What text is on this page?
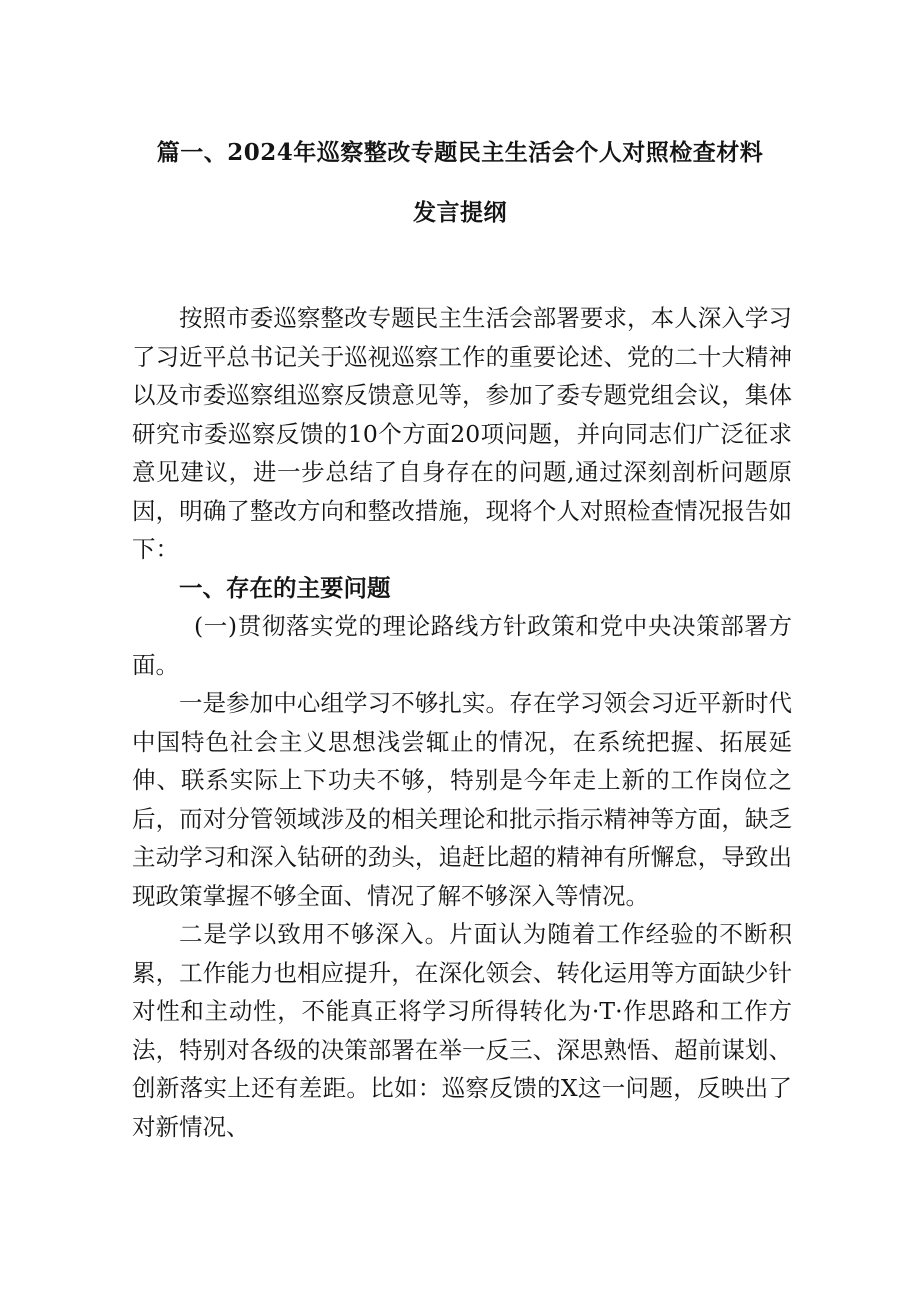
篇一、2024年巡察整改专题民主生活会个人对照检查材料
发言提纲

按照市委巡察整改专题民主生活会部署要求，本人深入学习了习近平总书记关于巡视巡察工作的重要论述、党的二十大精神以及市委巡察组巡察反馈意见等，参加了委专题党组会议，集体研究市委巡察反馈的10个方面20项问题，并向同志们广泛征求意见建议，进一步总结了自身存在的问题,通过深刻剖析问题原因，明确了整改方向和整改措施，现将个人对照检查情况报告如下：

一、存在的主要问题

(一)贯彻落实党的理论路线方针政策和党中央决策部署方面。

一是参加中心组学习不够扎实。存在学习领会习近平新时代中国特色社会主义思想浅尝辄止的情况，在系统把握、拓展延伸、联系实际上下功夫不够，特别是今年走上新的工作岗位之后，而对分管领域涉及的相关理论和批示指示精神等方面，缺乏主动学习和深入钻研的劲头，追赶比超的精神有所懈怠，导致出现政策掌握不够全面、情况了解不够深入等情况。

二是学以致用不够深入。片面认为随着工作经验的不断积累，工作能力也相应提升，在深化领会、转化运用等方面缺少针对性和主动性，不能真正将学习所得转化为·T·作思路和工作方法，特别对各级的决策部署在举一反三、深思熟悟、超前谋划、创新落实上还有差距。比如：巡察反馈的X这一问题，反映出了对新情况、
